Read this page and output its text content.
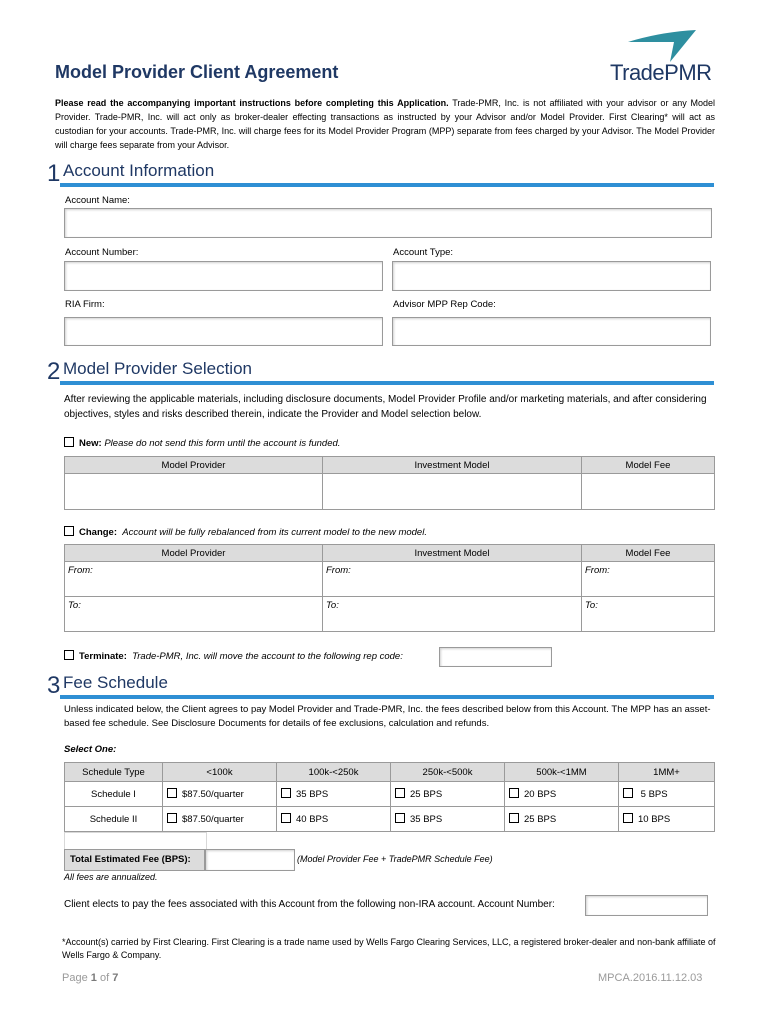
Model Provider Client Agreement	TradePMR
Please read the accompanying important instructions before completing this Application. Trade-PMR, Inc. is not affiliated with your advisor or any Model Provider. Trade-PMR, Inc. will act only as broker-dealer effecting transactions as instructed by your Advisor and/or Model Provider. First Clearing* will act as custodian for your accounts. Trade-PMR, Inc. will charge fees for its Model Provider Program (MPP) separate from fees charged by your Advisor. The Model Provider will charge fees separate from your Advisor.
1 Account Information
Account Name:
Account Number:	Account Type:
RIA Firm:	Advisor MPP Rep Code:
2 Model Provider Selection
After reviewing the applicable materials, including disclosure documents, Model Provider Profile and/or marketing materials, and after considering objectives, styles and risks described therein, indicate the Provider and Model selection below.
New: Please do not send this form until the account is funded.
Model Provider	Investment Model	Model Fee

Change: Account will be fully rebalanced from its current model to the new model.
Model Provider	Investment Model	Model Fee
From:	From:	From:
To:	To:	To:
Terminate: Trade-PMR, Inc. will move the account to the following rep code:
3 Fee Schedule
Unless indicated below, the Client agrees to pay Model Provider and Trade-PMR, Inc. the fees described below from this Account. The MPP has an asset-based fee schedule. See Disclosure Documents for details of fee exclusions, calculation and refunds.
Select One:
Schedule Type	<100k	100k-<250k	250k-<500k	500k-<1MM	1MM+
Schedule I	$87.50/quarter	35 BPS	25 BPS	20 BPS	5 BPS
Schedule II	$87.50/quarter	40 BPS	35 BPS	25 BPS	10 BPS
Total Estimated Fee (BPS):	(Model Provider Fee + TradePMR Schedule Fee)
All fees are annualized.
Client elects to pay the fees associated with this Account from the following non-IRA account. Account Number:
*Account(s) carried by First Clearing. First Clearing is a trade name used by Wells Fargo Clearing Services, LLC, a registered broker-dealer and non-bank affiliate of Wells Fargo & Company.
Page 1 of 7	MPCA.2016.11.12.03
